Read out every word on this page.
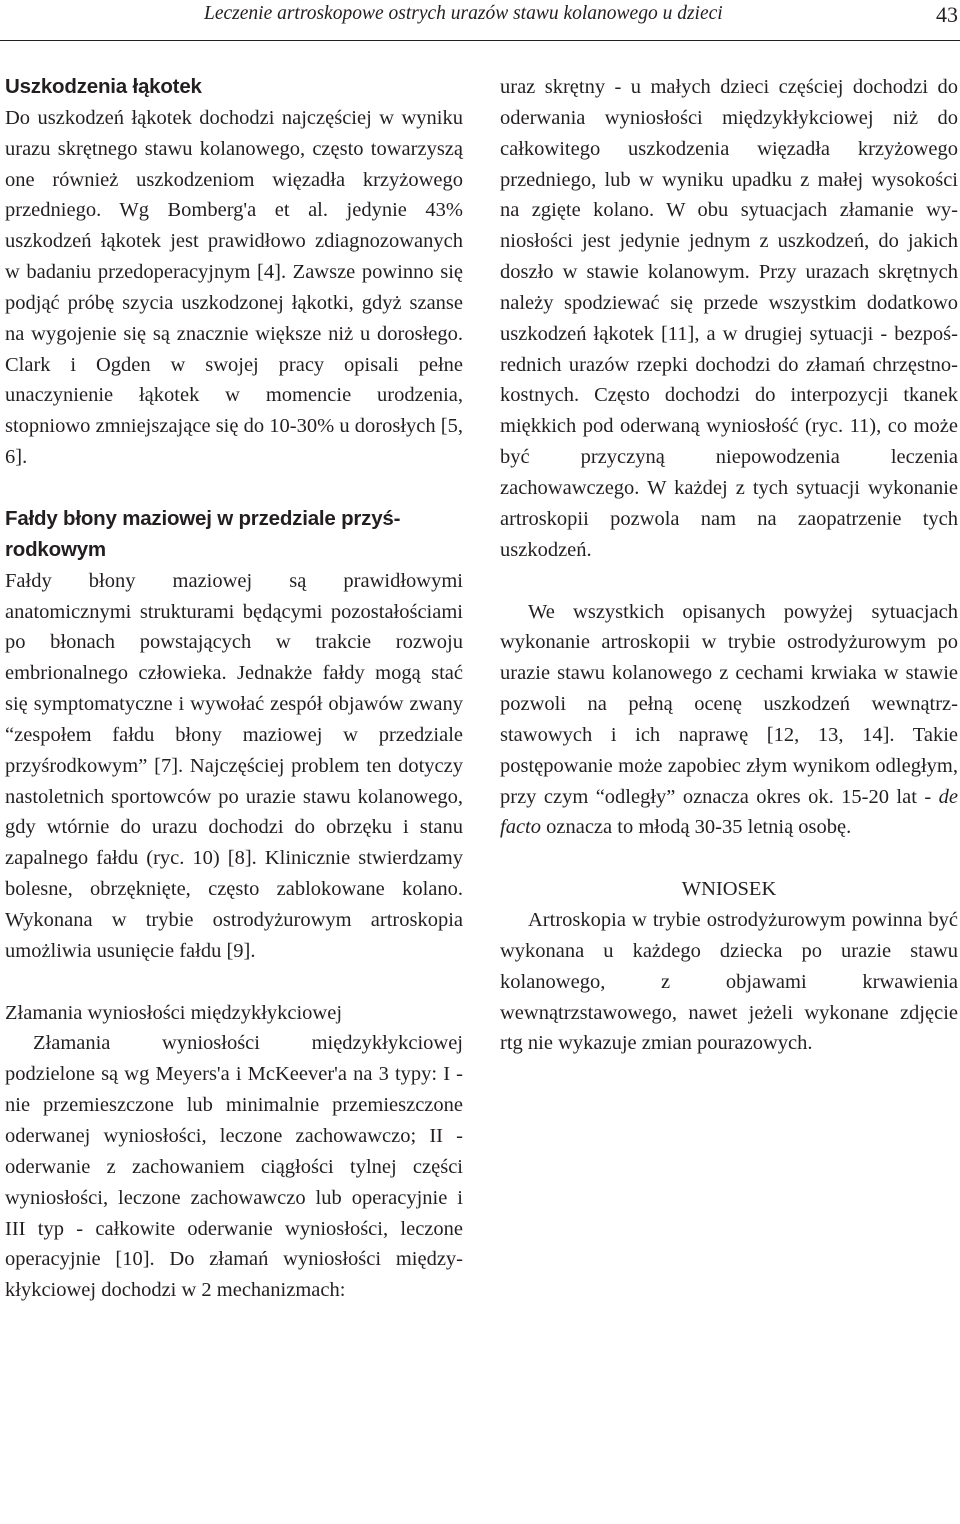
Leczenie artroskopowe ostrych urazów stawu kolanowego u dzieci	43
Uszkodzenia łąkotek

Do uszkodzeń łąkotek dochodzi najczęściej w wyniku urazu skrętnego stawu kolanowego, często towarzyszą one również uszkodzeniom więzadła krzyżowego przedniego. Wg Bomberg'a et al. jedynie 43% uszkodzeń łąkotek jest prawidłowo zdiagnozowanych w badaniu przedoperacyjnym [4]. Zawsze powinno się podjąć próbę szycia uszkodzonej łąkotki, gdyż szanse na wygojenie się są znacznie większe niż u dorosłego. Clark i Ogden w swojej pracy opisali pełne unaczynienie łąkotek w momencie urodzenia, stopniowo zmniejszające się do 10-30% u dorosłych [5, 6].

Fałdy błony maziowej w przedziale przyśrodkowym

Fałdy błony maziowej są prawidłowymi anatomicznymi strukturami będącymi pozostałościami po błonach powstających w trakcie rozwoju embrionalnego człowieka. Jednakże fałdy mogą stać się symptomatyczne i wywołać zespół objawów zwany “zespołem fałdu błony maziowej w przedziale przyśrodkowym” [7]. Najczęściej problem ten dotyczy nastoletnich sportowców po urazie stawu kolanowego, gdy wtórnie do urazu dochodzi do obrzęku i stanu zapalnego fałdu (ryc. 10) [8]. Klinicznie stwierdzamy bolesne, obrzęknięte, często zablokowane kolano. Wykonana w trybie ostrodyżurowym artroskopia umożliwia usunięcie fałdu [9].

Złamania wyniosłości międzykłykciowej

Złamania wyniosłości międzykłykciowej podzielone są wg Meyers'a i McKeever'a na 3 typy: I - nie przemieszczone lub minimalnie przemieszczone oderwanej wyniosłości, leczone zachowawczo; II - oderwanie z zachowaniem ciągłości tylnej części wyniosłości, leczone zachowawczo lub operacyjnie i III typ - całkowite oderwanie wyniosłości, leczone operacyjnie [10]. Do złamań wyniosłości międzykłykciowej dochodzi w 2 mechanizmach:

uraz skrętny - u małych dzieci częściej dochodzi do oderwania wyniosłości międzykłykciowej niż do całkowitego uszkodzenia więzadła krzyżowego przedniego, lub w wyniku upadku z małej wysokości na zgięte kolano. W obu sytuacjach złamanie wyniosłości jest jedynie jednym z uszkodzeń, do jakich doszło w stawie kolanowym. Przy urazach skrętnych należy spodziewać się przede wszystkim dodatkowo uszkodzeń łąkotek [11], a w drugiej sytuacji - bezpośrednich urazów rzepki dochodzi do złamań chrzęstno-kostnych. Często dochodzi do interpozycji tkanek miękkich pod oderwaną wyniosłość (ryc. 11), co może być przyczyną niepowodzenia leczenia zachowawczego. W każdej z tych sytuacji wykonanie artroskopii pozwola nam na zaopatrzenie tych uszkodzeń.

We wszystkich opisanych powyżej sytuacjach wykonanie artroskopii w trybie ostrodyżurowym po urazie stawu kolanowego z cechami krwiaka w stawie pozwoli na pełną ocenę uszkodzeń wewnątrzstawowych i ich naprawę [12, 13, 14]. Takie postępowanie może zapobiec złym wynikom odległym, przy czym “odległy” oznacza okres ok. 15-20 lat - de facto oznacza to młodą 30-35 letnią osobę.

WNIOSEK

Artroskopia w trybie ostrodyżurowym powinna być wykonana u każdego dziecka po urazie stawu kolanowego, z objawami krwawienia wewnątrzstawowego, nawet jeżeli wykonane zdjęcie rtg nie wykazuje zmian pourazowych.
